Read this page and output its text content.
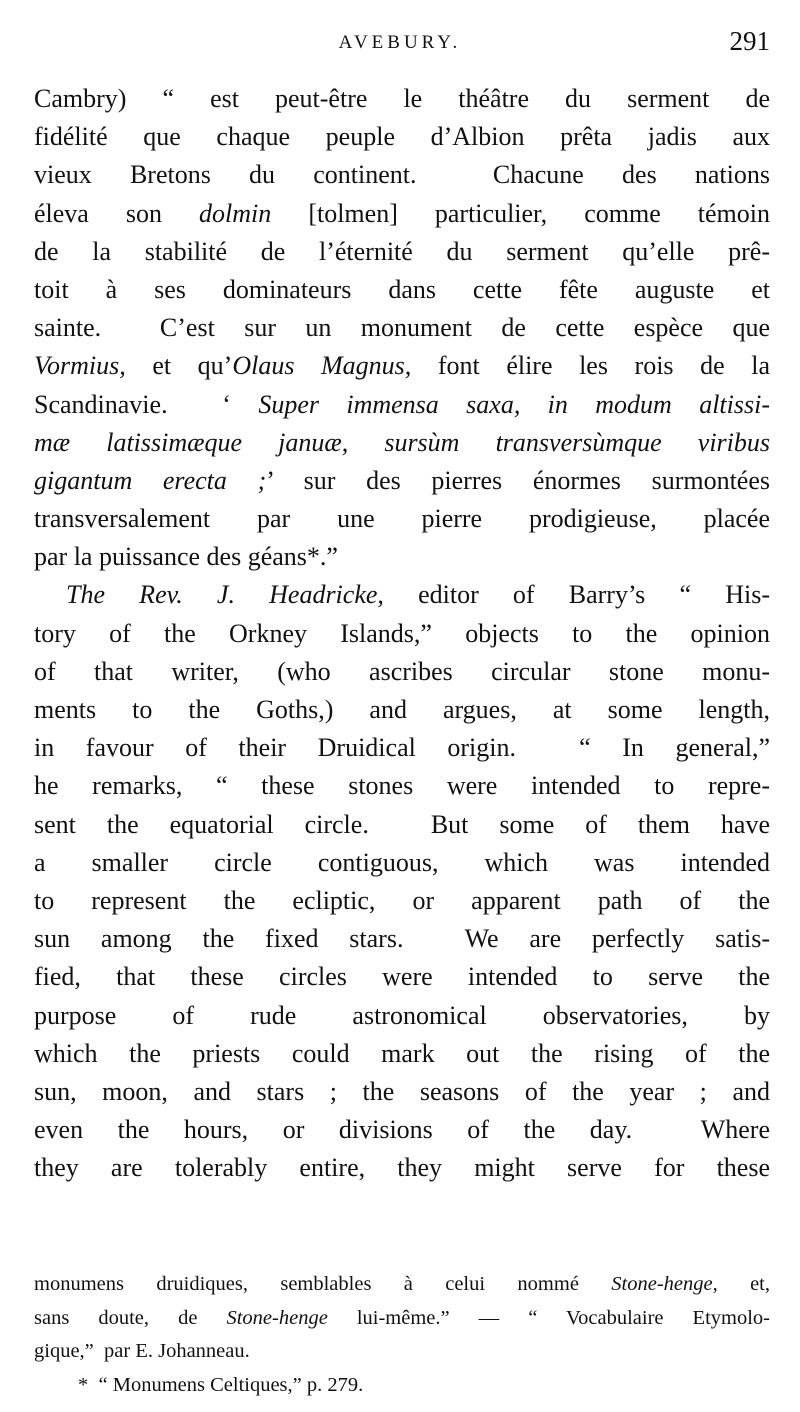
AVEBURY.	291
Cambry) “ est peut-être le théâtre du serment de
fidélité que chaque peuple d’Albion prêta jadis aux
vieux Bretons du continent.  Chacune des nations
éleva son dolmin [tolmen] particulier, comme témoin
de la stabilité de l’éternité du serment qu’elle prê-
toit à ses dominateurs dans cette fête auguste et
sainte.  C’est sur un monument de cette espèce que
Vormius, et qu’Olaus Magnus, font élire les rois de la
Scandinavie.  ‘ Super immensa saxa, in modum altissi-
mæ latissimæque januæ, sursùm transversùmque viribus
gigantum erecta ;’ sur des pierres énormes surmontées
transversalement par une pierre prodigieuse, placée
par la puissance des géans*.”
The Rev. J. Headricke, editor of Barry’s “ His-
tory of the Orkney Islands,” objects to the opinion
of that writer, (who ascribes circular stone monu-
ments to the Goths,) and argues, at some length,
in favour of their Druidical origin.  “ In general,”
he remarks, “ these stones were intended to repre-
sent the equatorial circle.  But some of them have
a smaller circle contiguous, which was intended
to represent the ecliptic, or apparent path of the
sun among the fixed stars.  We are perfectly satis-
fied, that these circles were intended to serve the
purpose of rude astronomical observatories, by
which the priests could mark out the rising of the
sun, moon, and stars ; the seasons of the year ; and
even the hours, or divisions of the day.  Where
they are tolerably entire, they might serve for these
monumens druidiques, semblables à celui nommé Stone-henge, et,
sans doute, de Stone-henge lui-même.” — “ Vocabulaire Etymolo-
gique,”  par E. Johanneau.
*  “ Monumens Celtiques,” p. 279.
